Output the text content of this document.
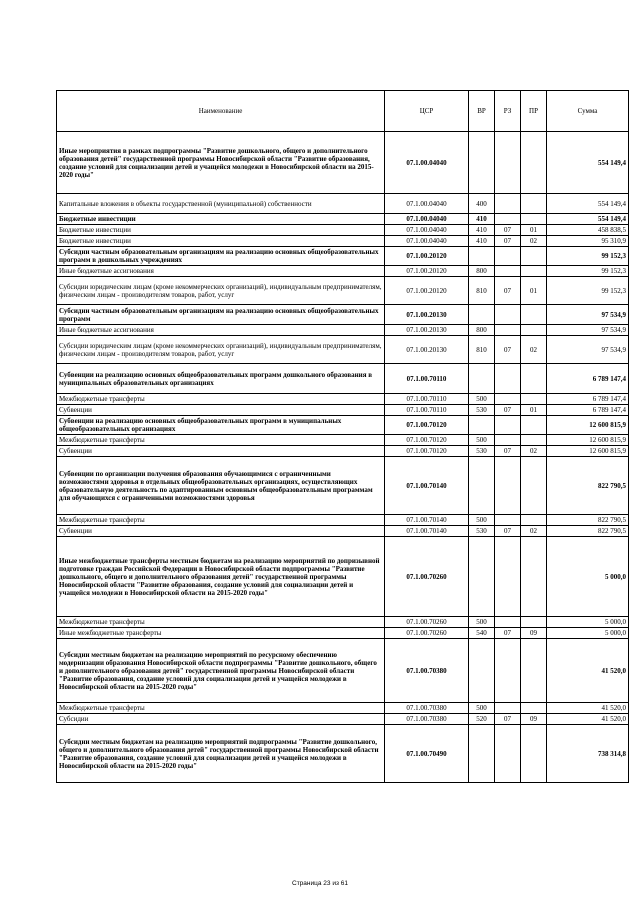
Наименование	ЦСР	ВР	РЗ	ПР	Сумма
Иные мероприятия в рамках подпрограммы "Развитие дошкольного, общего и дополнительного образования детей" государственной программы Новосибирской области "Развитие образования, создание условий для социализации детей и учащейся молодежи в Новосибирской области на 2015-2020 годы"	07.1.00.04040				554 149,4
Капитальные вложения в объекты государственной (муниципальной) собственности	07.1.00.04040	400			554 149,4
Бюджетные инвестиции	07.1.00.04040	410			554 149,4
Бюджетные инвестиции	07.1.00.04040	410	07	01	458 838,5
Бюджетные инвестиции	07.1.00.04040	410	07	02	95 310,9
Субсидии частным образовательным организациям на реализацию основных общеобразовательных программ в дошкольных учреждениях	07.1.00.20120				99 152,3
Иные бюджетные ассигнования	07.1.00.20120	800			99 152,3
Субсидии юридическим лицам (кроме некоммерческих организаций), индивидуальным предпринимателям, физическим лицам - производителям товаров, работ, услуг	07.1.00.20120	810	07	01	99 152,3
Субсидии частным образовательным организациям на реализацию основных общеобразовательных программ	07.1.00.20130				97 534,9
Иные бюджетные ассигнования	07.1.00.20130	800			97 534,9
Субсидии юридическим лицам (кроме некоммерческих организаций), индивидуальным предпринимателям, физическим лицам - производителям товаров, работ, услуг	07.1.00.20130	810	07	02	97 534,9
Субвенции на реализацию основных общеобразовательных программ дошкольного образования в муниципальных образовательных организациях	07.1.00.70110				6 789 147,4
Межбюджетные трансферты	07.1.00.70110	500			6 789 147,4
Субвенции	07.1.00.70110	530	07	01	6 789 147,4
Субвенции на реализацию основных общеобразовательных программ в муниципальных общеобразовательных организациях	07.1.00.70120				12 600 815,9
Межбюджетные трансферты	07.1.00.70120	500			12 600 815,9
Субвенции	07.1.00.70120	530	07	02	12 600 815,9
Субвенции по организации получения образования обучающимися с ограниченными возможностями здоровья в отдельных общеобразовательных организациях, осуществляющих образовательную деятельность по адаптированным основным общеобразовательным программам для обучающихся с ограниченными возможностями здоровья	07.1.00.70140				822 790,5
Межбюджетные трансферты	07.1.00.70140	500			822 790,5
Субвенции	07.1.00.70140	530	07	02	822 790,5
Иные межбюджетные трансферты местным бюджетам на реализацию мероприятий по допризывной подготовке граждан Российской Федерации в Новосибирской области подпрограммы "Развитие дошкольного, общего и дополнительного образования детей" государственной программы Новосибирской области "Развитие образования, создание условий для социализации детей и учащейся молодежи в Новосибирской области на 2015-2020 годы"	07.1.00.70260				5 000,0
Межбюджетные трансферты	07.1.00.70260	500			5 000,0
Иные межбюджетные трансферты	07.1.00.70260	540	07	09	5 000,0
Субсидии местным бюджетам на реализацию мероприятий по ресурсному обеспечению модернизации образования Новосибирской области подпрограммы "Развитие дошкольного, общего и дополнительного образования детей" государственной программы Новосибирской области "Развитие образования, создание условий для социализации детей и учащейся молодежи в Новосибирской области на 2015-2020 годы"	07.1.00.70380				41 520,0
Межбюджетные трансферты	07.1.00.70380	500			41 520,0
Субсидии	07.1.00.70380	520	07	09	41 520,0
Субсидии местным бюджетам на реализацию мероприятий подпрограммы "Развитие дошкольного, общего и дополнительного образования детей" государственной программы Новосибирской области "Развитие образования, создание условий для социализации детей и учащейся молодежи в Новосибирской области на 2015-2020 годы"	07.1.00.70490				738 314,8
Страница 23 из 61
